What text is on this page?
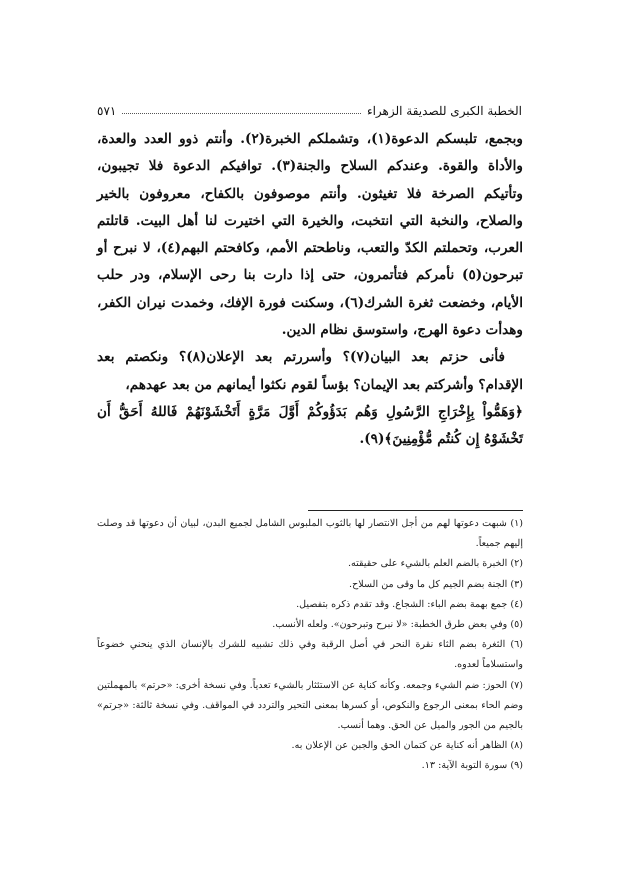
الخطبة الكبرى للصديقة الزهراء
٥٧١

وبجمع، تلبسكم الدعوة(١)، وتشملكم الخبرة(٢). وأنتم ذوو العدد والعدة، والأداة والقوة. وعندكم السلاح والجنة(٣). توافيكم الدعوة فلا تجيبون، وتأتيكم الصرخة فلا تغيثون. وأنتم موصوفون بالكفاح، معروفون بالخير والصلاح، والنخبة التي انتخبت، والخيرة التي اختيرت لنا أهل البيت. قاتلتم العرب، وتحملتم الكدّ والتعب، وناطحتم الأمم، وكافحتم البهم(٤)، لا نبرح أو تبرحون(٥) نأمركم فتأتمرون، حتى إذا دارت بنا رحى الإسلام، ودر حلب الأيام، وخضعت ثغرة الشرك(٦)، وسكنت فورة الإفك، وخمدت نيران الكفر، وهدأت دعوة الهرج، واستوسق نظام الدين.

فأنى حزتم بعد البيان(٧)؟ وأسررتم بعد الإعلان(٨)؟ ونكصتم بعد الإقدام؟ وأشركتم بعد الإيمان؟ بؤساً لقوم نكثوا أيمانهم من بعد عهدهم،

﴿وَهَمُّواْ بِإِخْرَاجِ الرَّسُولِ وَهُم بَدَؤُوكُمْ أَوَّلَ مَرَّةٍ أَتَخْشَوْنَهُمْ فَاللهُ أَحَقُّ أَن تَخْشَوْهُ إِن كُنتُم مُّؤْمِنِينَ﴾(٩).

(١) شبهت دعوتها لهم من أجل الانتصار لها بالثوب الملبوس الشامل لجميع البدن، لبيان أن دعوتها قد وصلت إليهم جميعاً.

(٢) الخبرة بالضم العلم بالشيء على حقيقته.

(٣) الجنة بضم الجيم كل ما وقى من السلاح.

(٤) جمع بهمة بضم الباء: الشجاع. وقد تقدم ذكره بتفصيل.

(٥) وفي بعض طرق الخطبة: «لا نبرح وتبرحون». ولعله الأنسب.

(٦) الثغرة بضم الثاء نقرة النحر في أصل الرقبة وفي ذلك تشبيه للشرك بالإنسان الذي ينحني خضوعاً واستسلاماً لعدوه.

(٧) الحوز: ضم الشيء وجمعه. وكأنه كناية عن الاستئثار بالشيء تعدياً. وفي نسخة أخرى: «حرتم» بالمهملتين وضم الحاء بمعنى الرجوع والنكوص، أو كسرها بمعنى التحير والتردد في المواقف. وفي نسخة ثالثة: «جرتم» بالجيم من الجور والميل عن الحق. وهما أنسب.

(٨) الظاهر أنه كناية عن كتمان الحق والجبن عن الإعلان به.

(٩) سورة التوبة الآية: ١٣.
